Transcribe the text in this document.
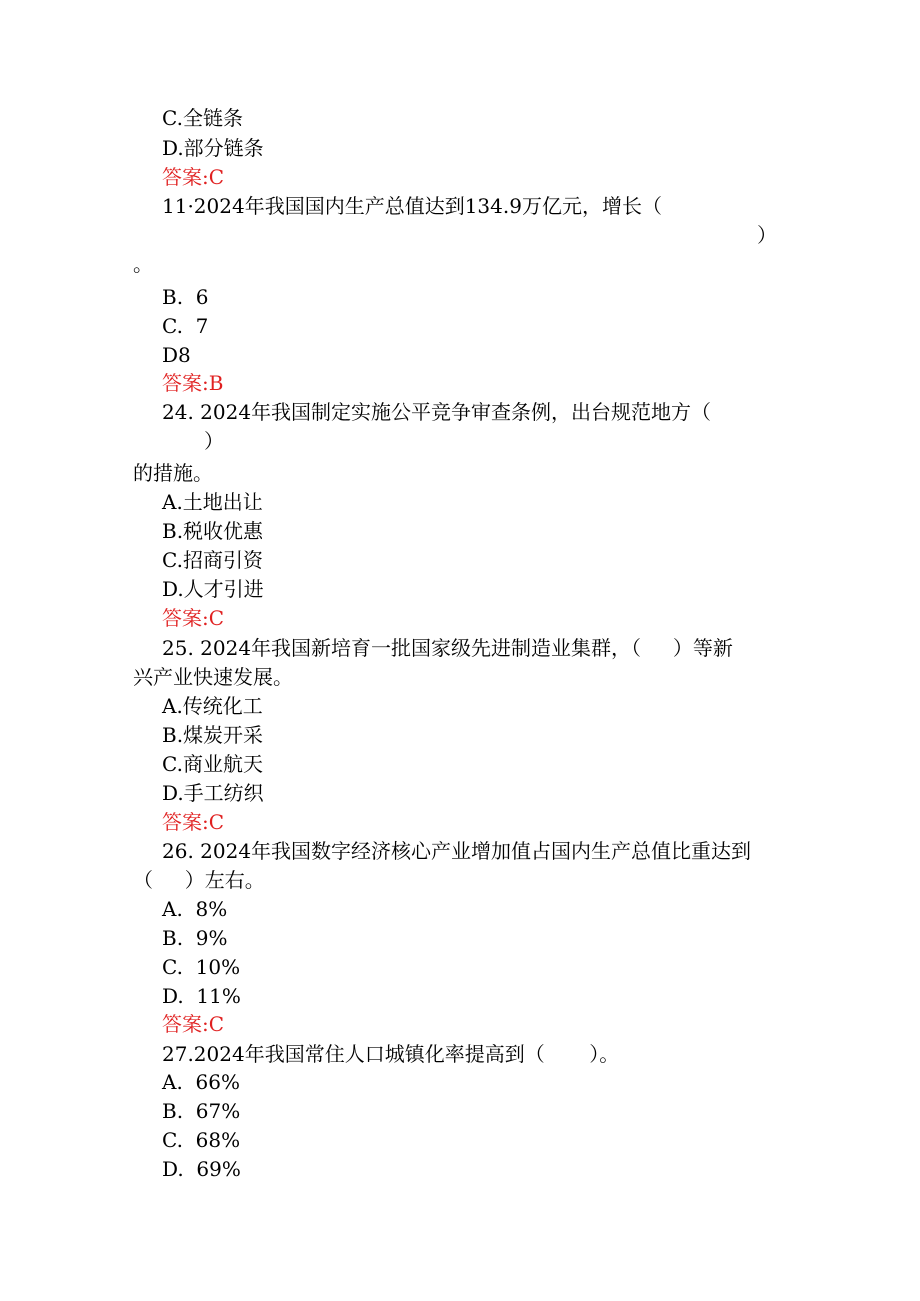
C.全链条

D.部分链条

答案:C

11·2024年我国国内生产总值达到134.9万亿元，增长（

）

。

B.  6

C.  7

D8

答案:B

24. 2024年我国制定实施公平竞争审查条例，出台规范地方（

）

的措施。

A.土地出让

B.税收优惠

C.招商引资

D.人才引进

答案:C

25. 2024年我国新培育一批国家级先进制造业集群，（     ）等新

兴产业快速发展。

A.传统化工

B.煤炭开采

C.商业航天

D.手工纺织

答案:C

26. 2024年我国数字经济核心产业增加值占国内生产总值比重达到

（     ）左右。

A.  8%

B.  9%

C.  10%

D.  11%

答案:C

27.2024年我国常住人口城镇化率提高到（       ）。

A.  66%

B.  67%

C.  68%

D.  69%
